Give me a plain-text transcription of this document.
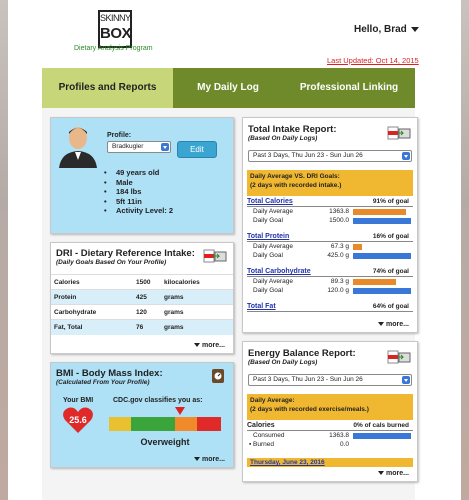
SKINNY
BOX
Dietary Analysis Program
Hello, Brad
Last Updated: Oct 14, 2015
Profiles and Reports	My Daily Log	Professional Linking
Profile:
Bradkugler	Edit
• 49 years old
• Male
• 184 lbs
• 5ft 11in
• Activity Level: 2
DRI - Dietary Reference Intake:
(Daily Goals Based On Your Profile)
Calories	1500	kilocalories
Protein	425	grams
Carbohydrate	120	grams
Fat, Total	76	grams
more...
BMI - Body Mass Index:
(Calculated From Your Profile)
Your BMI
25.6
CDC.gov classifies you as:
Overweight
more...
Total Intake Report:
(Based On Daily Logs)
Past 3 Days, Thu Jun 23 - Sun Jun 26
Daily Average VS. DRI Goals:
(2 days with recorded intake.)
Total Calories	91% of goal
Daily Average	1363.8
Daily Goal	1500.0
Total Protein	16% of goal
Daily Average	67.3 g
Daily Goal	425.0 g
Total Carbohydrate	74% of goal
Daily Average	89.3 g
Daily Goal	120.0 g
Total Fat	64% of goal
more...
Energy Balance Report:
(Based On Daily Logs)
Past 3 Days, Thu Jun 23 - Sun Jun 26
Daily Average:
(2 days with recorded exercise/meals.)
Calories	0% of cals burned
Consumed	1363.8
▪ Burned	0.0
Thursday, June 23, 2016
more...
